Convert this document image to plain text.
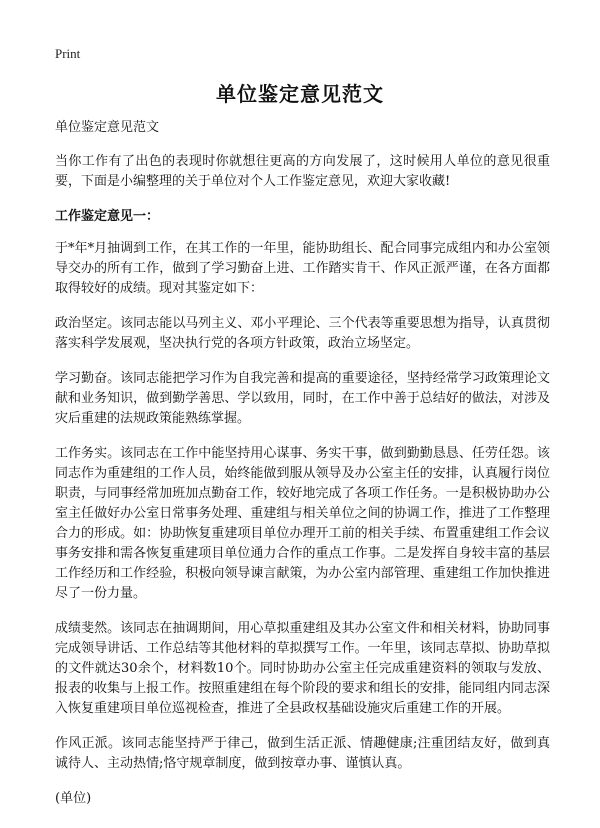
Print
单位鉴定意见范文

单位鉴定意见范文

当你工作有了出色的表现时你就想往更高的方向发展了，这时候用人单位的意见很重要，下面是小编整理的关于单位对个人工作鉴定意见，欢迎大家收藏!

工作鉴定意见一：

于*年*月抽调到工作，在其工作的一年里，能协助组长、配合同事完成组内和办公室领导交办的所有工作，做到了学习勤奋上进、工作踏实肯干、作风正派严谨，在各方面都取得较好的成绩。现对其鉴定如下：

政治坚定。该同志能以马列主义、邓小平理论、三个代表等重要思想为指导，认真贯彻落实科学发展观，坚决执行党的各项方针政策，政治立场坚定。

学习勤奋。该同志能把学习作为自我完善和提高的重要途径，坚持经常学习政策理论文献和业务知识，做到勤学善思、学以致用，同时，在工作中善于总结好的做法，对涉及灾后重建的法规政策能熟练掌握。

工作务实。该同志在工作中能坚持用心谋事、务实干事，做到勤勤恳恳、任劳任怨。该同志作为重建组的工作人员，始终能做到服从领导及办公室主任的安排，认真履行岗位职责，与同事经常加班加点勤奋工作，较好地完成了各项工作任务。一是积极协助办公室主任做好办公室日常事务处理、重建组与相关单位之间的协调工作，推进了工作整理合力的形成。如：协助恢复重建项目单位办理开工前的相关手续、布置重建组工作会议事务安排和需各恢复重建项目单位通力合作的重点工作事。二是发挥自身较丰富的基层工作经历和工作经验，积极向领导谏言献策，为办公室内部管理、重建组工作加快推进尽了一份力量。

成绩斐然。该同志在抽调期间，用心草拟重建组及其办公室文件和相关材料，协助同事完成领导讲话、工作总结等其他材料的草拟撰写工作。一年里，该同志草拟、协助草拟的文件就达30余个，材料数10个。同时协助办公室主任完成重建资料的领取与发放、报表的收集与上报工作。按照重建组在每个阶段的要求和组长的安排，能同组内同志深入恢复重建项目单位巡视检查，推进了全县政权基础设施灾后重建工作的开展。

作风正派。该同志能坚持严于律己，做到生活正派、情趣健康;注重团结友好，做到真诚待人、主动热情;恪守规章制度，做到按章办事、谨慎认真。

(单位)
